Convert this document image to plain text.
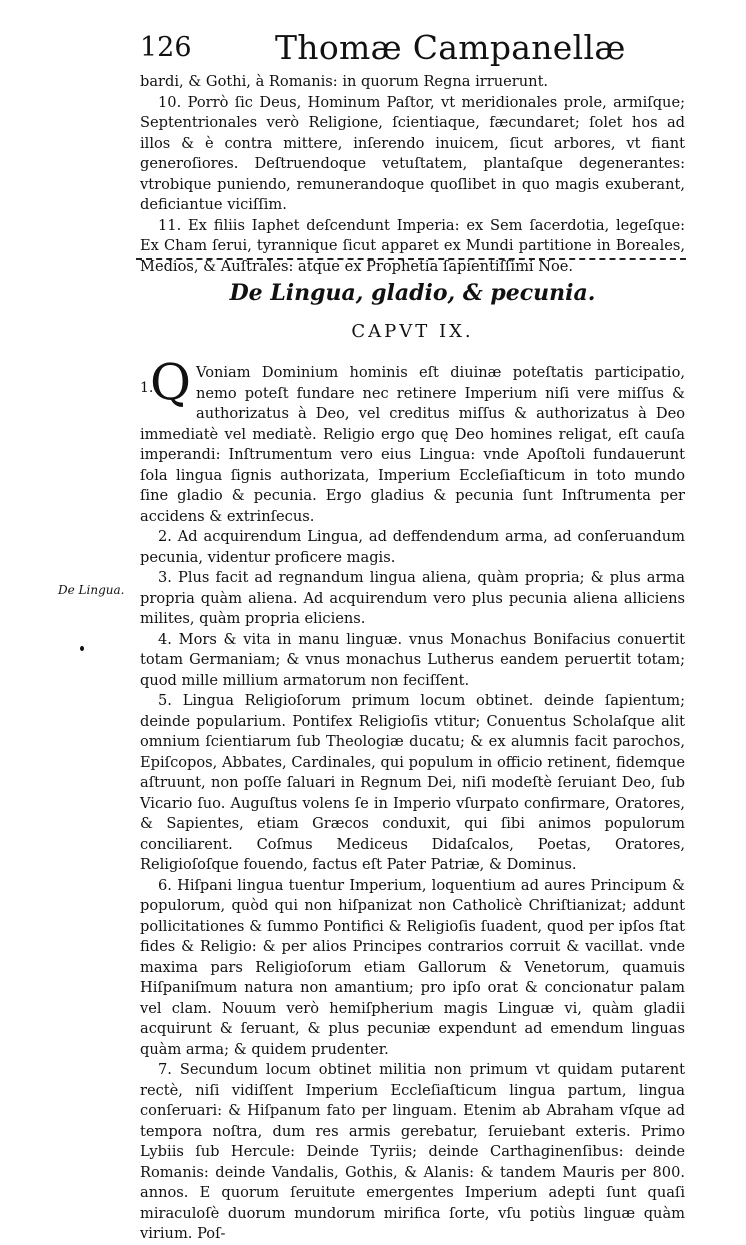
126	Thomæ Campanellæ

bardi, & Gothi, à Romanis: in quorum Regna irruerunt.

10. Porrò ſic Deus, Hominum Paſtor, vt meridionales prole, armiſque; Septentrionales verò Religione, ſcientiaque, fæcundaret; ſolet hos ad illos & è contra mittere, inſerendo inuicem, ſicut arbores, vt fiant generoſiores. Deſtruendoque vetuſtatem, plantaſque degenerantes: vtrobique puniendo, remunerandoque quoſlibet in quo magis exuberant, deficiantue viciſſim.

11. Ex filiis Iaphet deſcendunt Imperia: ex Sem ſacerdotia, legeſque: Ex Cham ſerui, tyrannique ſicut apparet ex Mundi partitione in Boreales, Medios, & Auſtrales: atque ex Prophetia ſapientiſſimi Noe.

De Lingua, gladio, & pecunia.
CAPVT IX.

1.Q Voniam Dominium hominis eſt diuinæ poteſtatis participatio, nemo poteſt fundare nec retinere Imperium niſi vere miſſus & authorizatus à Deo, vel creditus miſſus & authorizatus à Deo immediatè vel mediatè. Religio ergo quę Deo homines religat, eſt cauſa imperandi: Inſtrumentum vero eius Lingua: vnde Apoſtoli fundauerunt ſola lingua ſignis authorizata, Imperium Eccleſiaſticum in toto mundo ſine gladio & pecunia. Ergo gladius & pecunia ſunt Inſtrumenta per accidens & extrinſecus.

2. Ad acquirendum Lingua, ad deffendendum arma, ad conſeruandum pecunia, videntur proficere magis.

3. Plus facit ad regnandum lingua aliena, quàm propria; & plus arma propria quàm aliena. Ad acquirendum vero plus pecunia aliena alliciens milites, quàm propria eliciens.

4. Mors & vita in manu linguæ. vnus Monachus Bonifacius conuertit totam Germaniam; & vnus monachus Lutherus eandem peruertit totam; quod mille millium armatorum non feciſſent.

5. Lingua Religioſorum primum locum obtinet. deinde ſapientum; deinde popularium. Pontifex Religioſis vtitur; Conuentus Scholaſque alit omnium ſcientiarum ſub Theologiæ ducatu; & ex alumnis facit parochos, Epiſcopos, Abbates, Cardinales, qui populum in officio retinent, fidemque aſtruunt, non poſſe ſaluari in Regnum Dei, niſi modeſtè ſeruiant Deo, ſub Vicario ſuo. Auguſtus volens ſe in Imperio vſurpato confirmare, Oratores, & Sapientes, etiam Græcos conduxit, qui ſibi animos populorum conciliarent. Coſmus Mediceus Didaſcalos, Poetas, Oratores, Religioſoſque fouendo, factus eſt Pater Patriæ, & Dominus.

6. Hiſpani lingua tuentur Imperium, loquentium ad aures Principum & populorum, quòd qui non hiſpanizat non Catholicè Chriſtianizat; addunt pollicitationes & ſummo Pontifici & Religioſis ſuadent, quod per ipſos ſtat fides & Religio: & per alios Principes contrarios corruit & vacillat. vnde maxima pars Religioſorum etiam Gallorum & Venetorum, quamuis Hiſpaniſmum natura non amantium; pro ipſo orat & concionatur palam vel clam. Nouum verò hemiſpherium magis Linguæ vi, quàm gladii acquirunt & ſeruant, & plus pecuniæ expendunt ad emendum linguas quàm arma; & quidem prudenter.

7. Secundum locum obtinet militia non primum vt quidam putarent rectè, niſi vidiſſent Imperium Eccleſiaſticum lingua partum, lingua conſeruari: & Hiſpanum fato per linguam. Etenim ab Abraham vſque ad tempora noſtra, dum res armis gerebatur, ſeruiebant exteris. Primo Lybiis ſub Hercule: Deinde Tyriis; deinde Carthaginenſibus: deinde Romanis: deinde Vandalis, Gothis, & Alanis: & tandem Mauris per 800. annos. E quorum ſeruitute emergentes Imperium adepti ſunt quaſi miraculoſè duorum mundorum mirifica ſorte, vſu potiùs linguæ quàm virium. Poſ-

De Lingua.
